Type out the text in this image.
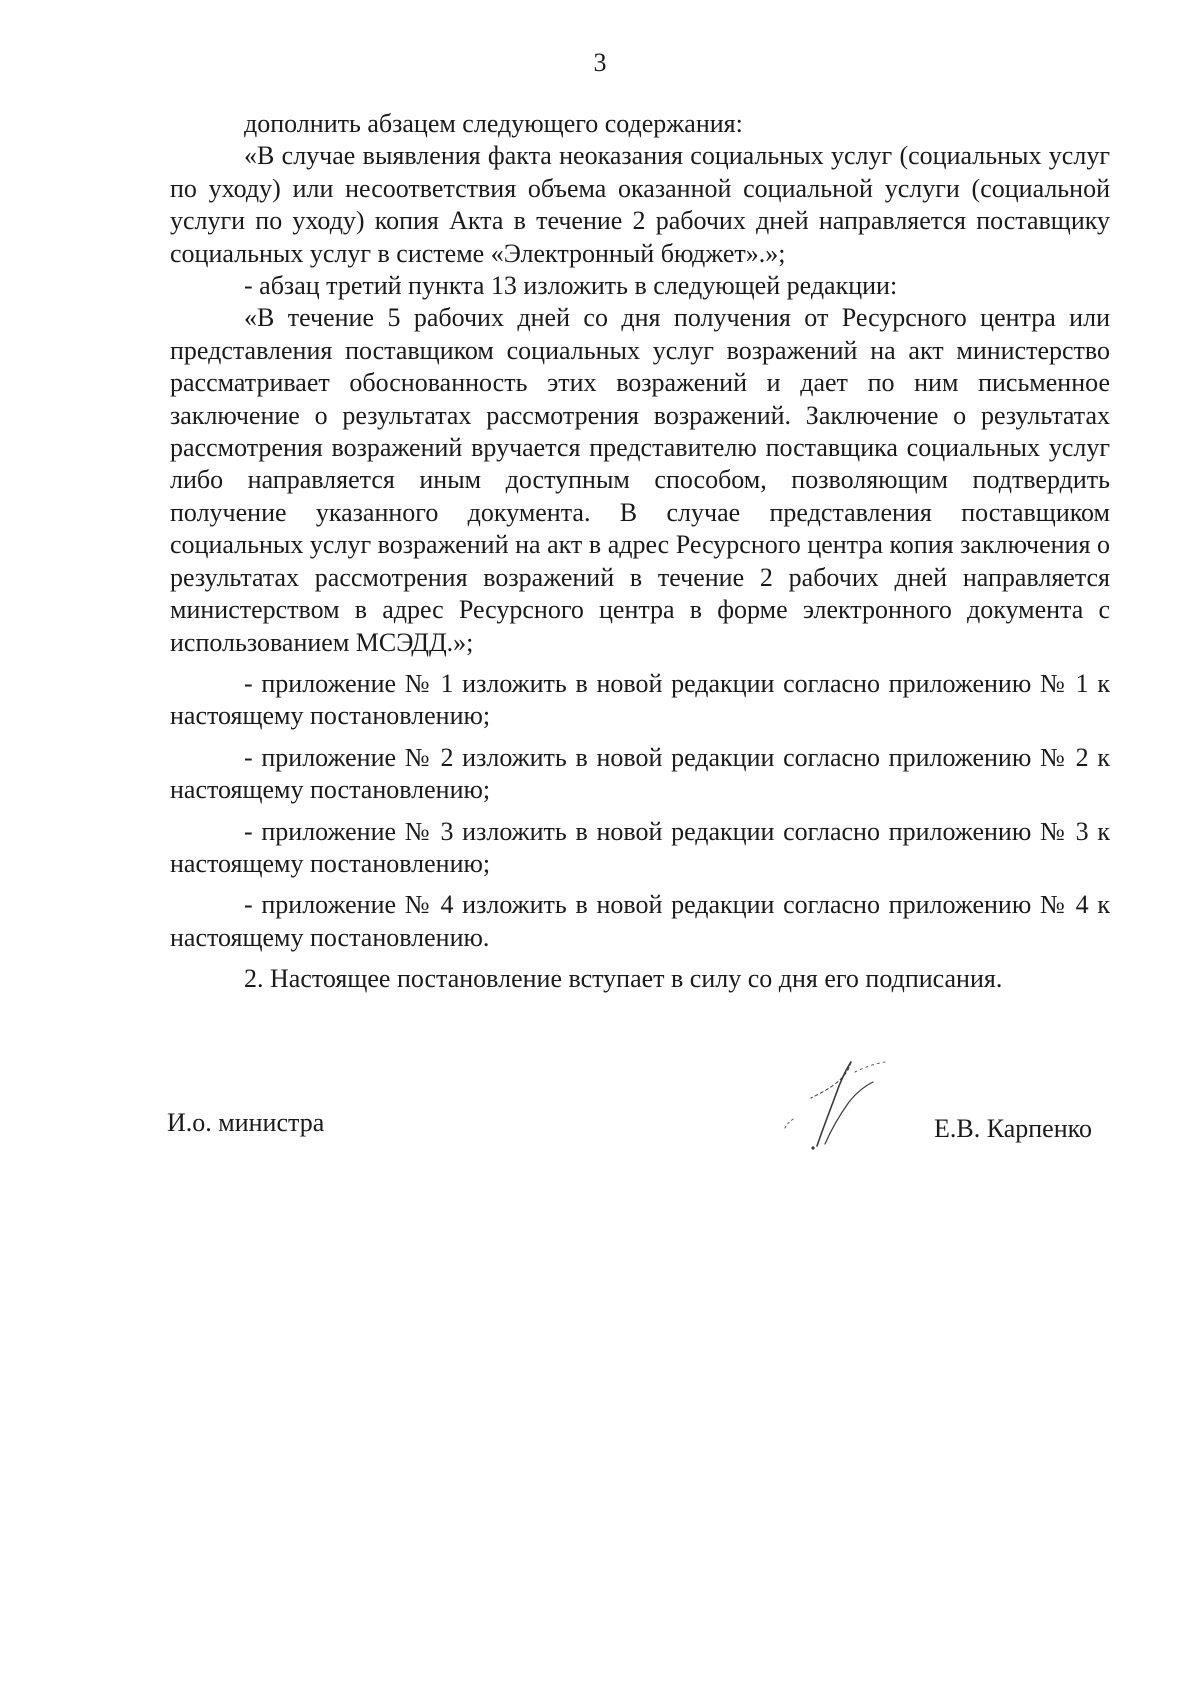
3

дополнить абзацем следующего содержания:

«В случае выявления факта неоказания социальных услуг (социальных услуг по уходу) или несоответствия объема оказанной социальной услуги (социальной услуги по уходу) копия Акта в течение 2 рабочих дней направляется поставщику социальных услуг в системе «Электронный бюджет».»;

- абзац третий пункта 13 изложить в следующей редакции:

«В течение 5 рабочих дней со дня получения от Ресурсного центра или представления поставщиком социальных услуг возражений на акт министерство рассматривает обоснованность этих возражений и дает по ним письменное заключение о результатах рассмотрения возражений. Заключение о результатах рассмотрения возражений вручается представителю поставщика социальных услуг либо направляется иным доступным способом, позволяющим подтвердить получение указанного документа. В случае представления поставщиком социальных услуг возражений на акт в адрес Ресурсного центра копия заключения о результатах рассмотрения возражений в течение 2 рабочих дней направляется министерством в адрес Ресурсного центра в форме электронного документа с использованием МСЭДД.»;

- приложение № 1 изложить в новой редакции согласно приложению № 1 к настоящему постановлению;

- приложение № 2 изложить в новой редакции согласно приложению № 2 к настоящему постановлению;

- приложение № 3 изложить в новой редакции согласно приложению № 3 к настоящему постановлению;

- приложение № 4 изложить в новой редакции согласно приложению № 4 к настоящему постановлению.

2. Настоящее постановление вступает в силу со дня его подписания.

И.о. министра	Е.В. Карпенко
